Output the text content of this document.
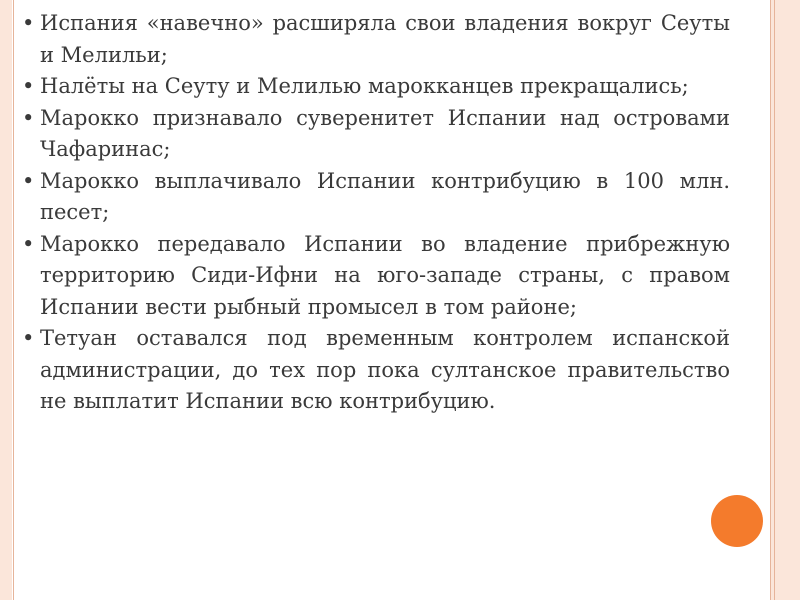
• Испания «навечно» расширяла свои владения вокруг Сеуты и Мелильи;
• Налёты на Сеуту и Мелилью марокканцев прекращались;
• Марокко признавало суверенитет Испании над островами Чафаринас;
• Марокко выплачивало Испании контрибуцию в 100 млн. песет;
• Марокко передавало Испании во владение прибрежную территорию Сиди-Ифни на юго-западе страны, с правом Испании вести рыбный промысел в том районе;
• Тетуан оставался под временным контролем испанской администрации, до тех пор пока султанское правительство не выплатит Испании всю контрибуцию.
